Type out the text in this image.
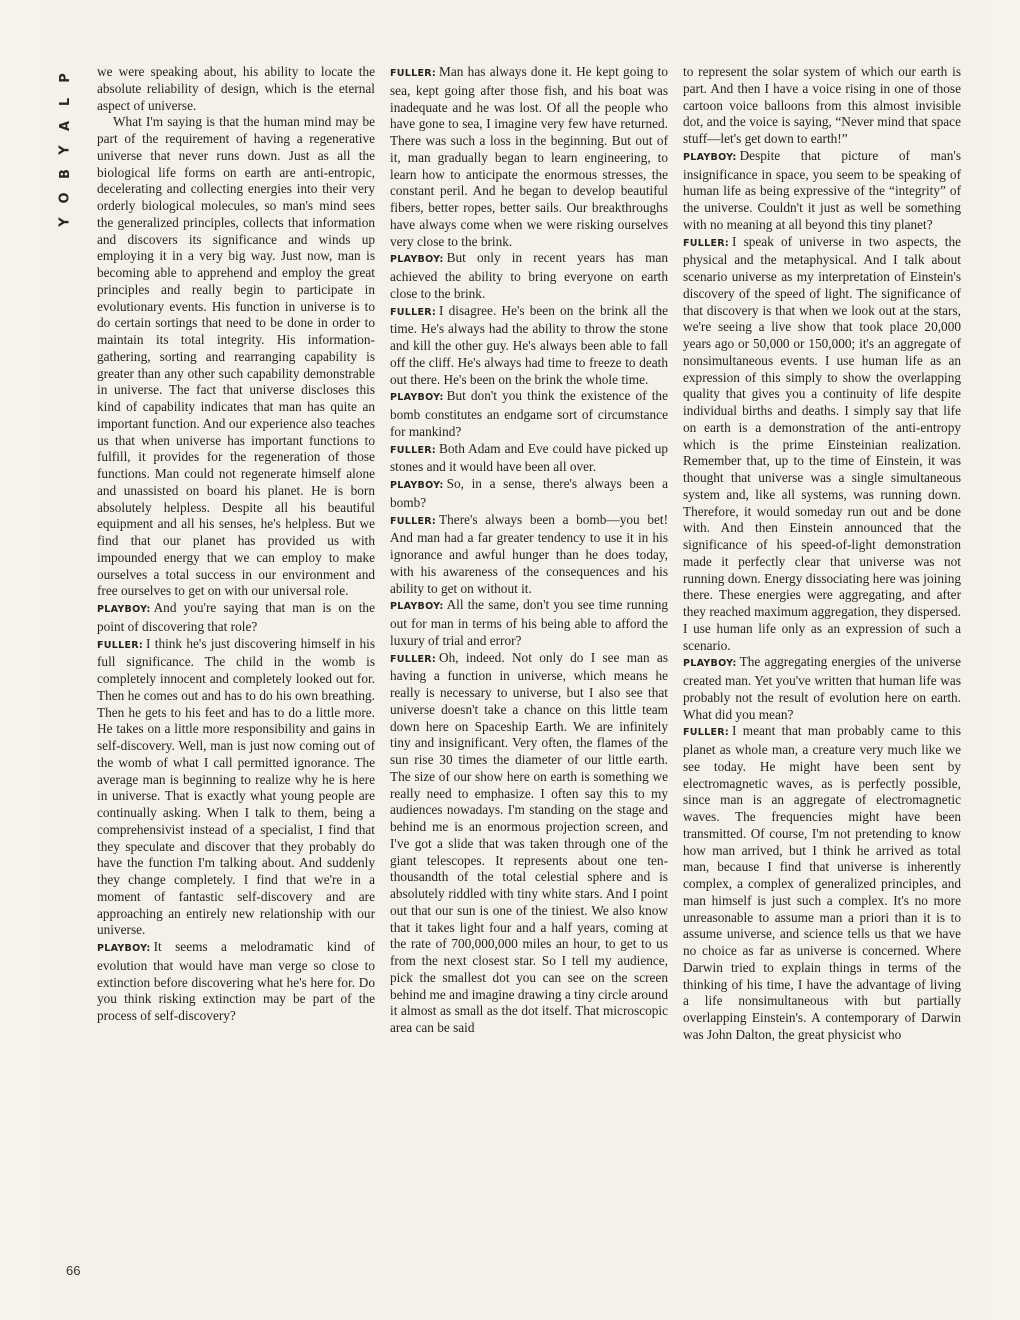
P
L
A
Y
B
O
Y

we were speaking about, his ability to locate the absolute reliability of design, which is the eternal aspect of universe.

What I'm saying is that the human mind may be part of the requirement of having a regenerative universe that never runs down. Just as all the biological life forms on earth are anti-entropic, decelerating and collecting energies into their very orderly biological molecules, so man's mind sees the generalized principles, collects that information and discovers its significance and winds up employing it in a very big way. Just now, man is becoming able to apprehend and employ the great principles and really begin to participate in evolutionary events. His function in universe is to do certain sortings that need to be done in order to maintain its total integrity. His information-gathering, sorting and rearranging capability is greater than any other such capability demonstrable in universe. The fact that universe discloses this kind of capability indicates that man has quite an important function. And our experience also teaches us that when universe has important functions to fulfill, it provides for the regeneration of those functions. Man could not regenerate himself alone and unassisted on board his planet. He is born absolutely helpless. Despite all his beautiful equipment and all his senses, he's helpless. But we find that our planet has provided us with impounded energy that we can employ to make ourselves a total success in our environment and free ourselves to get on with our universal role.

PLAYBOY: And you're saying that man is on the point of discovering that role?

FULLER: I think he's just discovering himself in his full significance. The child in the womb is completely innocent and completely looked out for. Then he comes out and has to do his own breathing. Then he gets to his feet and has to do a little more. He takes on a little more responsibility and gains in self-discovery. Well, man is just now coming out of the womb of what I call permitted ignorance. The average man is beginning to realize why he is here in universe. That is exactly what young people are continually asking. When I talk to them, being a comprehensivist instead of a specialist, I find that they speculate and discover that they probably do have the function I'm talking about. And suddenly they change completely. I find that we're in a moment of fantastic self-discovery and are approaching an entirely new relationship with our universe.

PLAYBOY: It seems a melodramatic kind of evolution that would have man verge so close to extinction before discovering what he's here for. Do you think risking extinction may be part of the process of self-discovery?

FULLER: Man has always done it. He kept going to sea, kept going after those fish, and his boat was inadequate and he was lost. Of all the people who have gone to sea, I imagine very few have returned. There was such a loss in the beginning. But out of it, man gradually began to learn engineering, to learn how to anticipate the enormous stresses, the constant peril. And he began to develop beautiful fibers, better ropes, better sails. Our breakthroughs have always come when we were risking ourselves very close to the brink.

PLAYBOY: But only in recent years has man achieved the ability to bring everyone on earth close to the brink.

FULLER: I disagree. He's been on the brink all the time. He's always had the ability to throw the stone and kill the other guy. He's always been able to fall off the cliff. He's always had time to freeze to death out there. He's been on the brink the whole time.

PLAYBOY: But don't you think the existence of the bomb constitutes an endgame sort of circumstance for mankind?

FULLER: Both Adam and Eve could have picked up stones and it would have been all over.

PLAYBOY: So, in a sense, there's always been a bomb?

FULLER: There's always been a bomb—you bet! And man had a far greater tendency to use it in his ignorance and awful hunger than he does today, with his awareness of the consequences and his ability to get on without it.

PLAYBOY: All the same, don't you see time running out for man in terms of his being able to afford the luxury of trial and error?

FULLER: Oh, indeed. Not only do I see man as having a function in universe, which means he really is necessary to universe, but I also see that universe doesn't take a chance on this little team down here on Spaceship Earth. We are infinitely tiny and insignificant. Very often, the flames of the sun rise 30 times the diameter of our little earth. The size of our show here on earth is something we really need to emphasize. I often say this to my audiences nowadays. I'm standing on the stage and behind me is an enormous projection screen, and I've got a slide that was taken through one of the giant telescopes. It represents about one ten-thousandth of the total celestial sphere and is absolutely riddled with tiny white stars. And I point out that our sun is one of the tiniest. We also know that it takes light four and a half years, coming at the rate of 700,000,000 miles an hour, to get to us from the next closest star. So I tell my audience, pick the smallest dot you can see on the screen behind me and imagine drawing a tiny circle around it almost as small as the dot itself. That microscopic area can be said

to represent the solar system of which our earth is part. And then I have a voice rising in one of those cartoon voice balloons from this almost invisible dot, and the voice is saying, “Never mind that space stuff—let's get down to earth!”

PLAYBOY: Despite that picture of man's insignificance in space, you seem to be speaking of human life as being expressive of the “integrity” of the universe. Couldn't it just as well be something with no meaning at all beyond this tiny planet?

FULLER: I speak of universe in two aspects, the physical and the metaphysical. And I talk about scenario universe as my interpretation of Einstein's discovery of the speed of light. The significance of that discovery is that when we look out at the stars, we're seeing a live show that took place 20,000 years ago or 50,000 or 150,000; it's an aggregate of nonsimultaneous events. I use human life as an expression of this simply to show the overlapping quality that gives you a continuity of life despite individual births and deaths. I simply say that life on earth is a demonstration of the anti-entropy which is the prime Einsteinian realization. Remember that, up to the time of Einstein, it was thought that universe was a single simultaneous system and, like all systems, was running down. Therefore, it would someday run out and be done with. And then Einstein announced that the significance of his speed-of-light demonstration made it perfectly clear that universe was not running down. Energy dissociating here was joining there. These energies were aggregating, and after they reached maximum aggregation, they dispersed. I use human life only as an expression of such a scenario.

PLAYBOY: The aggregating energies of the universe created man. Yet you've written that human life was probably not the result of evolution here on earth. What did you mean?

FULLER: I meant that man probably came to this planet as whole man, a creature very much like we see today. He might have been sent by electromagnetic waves, as is perfectly possible, since man is an aggregate of electromagnetic waves. The frequencies might have been transmitted. Of course, I'm not pretending to know how man arrived, but I think he arrived as total man, because I find that universe is inherently complex, a complex of generalized principles, and man himself is just such a complex. It's no more unreasonable to assume man a priori than it is to assume universe, and science tells us that we have no choice as far as universe is concerned. Where Darwin tried to explain things in terms of the thinking of his time, I have the advantage of living a life nonsimultaneous with but partially overlapping Einstein's. A contemporary of Darwin was John Dalton, the great physicist who

66
